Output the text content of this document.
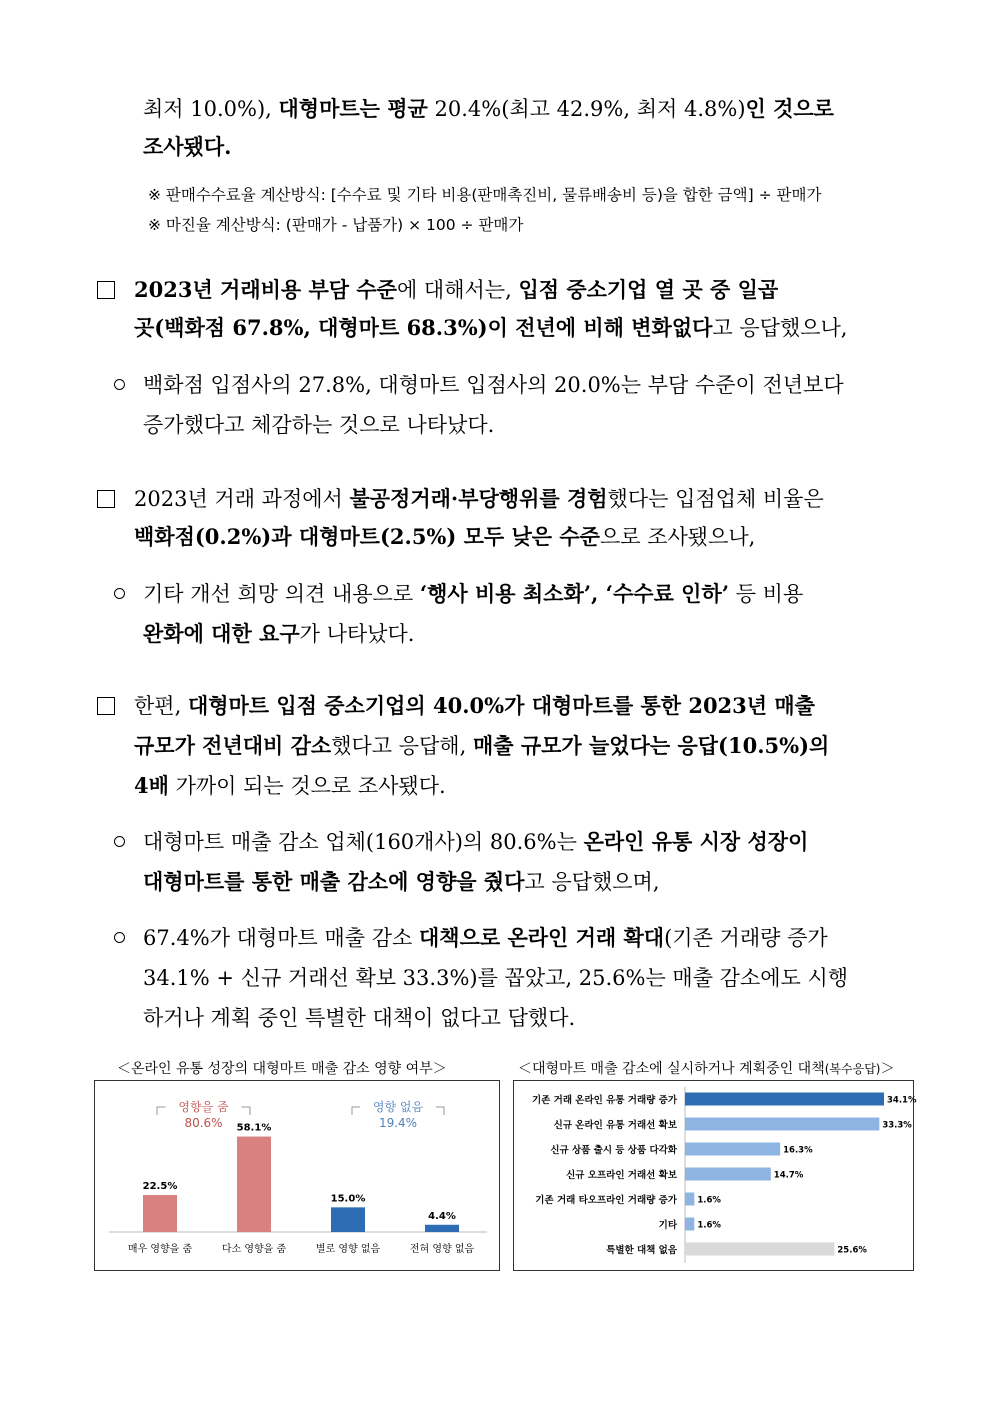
최저 10.0%), 대형마트는 평균 20.4%(최고 42.9%, 최저 4.8%)인 것으로
조사됐다.
※ 판매수수료율 계산방식: [수수료 및 기타 비용(판매촉진비, 물류배송비 등)을 합한 금액] ÷ 판매가
※ 마진율 계산방식: (판매가 - 납품가) × 100 ÷ 판매가
2023년 거래비용 부담 수준에 대해서는, 입점 중소기업 열 곳 중 일곱
곳(백화점 67.8%, 대형마트 68.3%)이 전년에 비해 변화없다고 응답했으나,
백화점 입점사의 27.8%, 대형마트 입점사의 20.0%는 부담 수준이 전년보다
증가했다고 체감하는 것으로 나타났다.
2023년 거래 과정에서 불공정거래·부당행위를 경험했다는 입점업체 비율은
백화점(0.2%)과 대형마트(2.5%) 모두 낮은 수준으로 조사됐으나,
기타 개선 희망 의견 내용으로 ‘행사 비용 최소화’, ‘수수료 인하’ 등 비용
완화에 대한 요구가 나타났다.
한편, 대형마트 입점 중소기업의 40.0%가 대형마트를 통한 2023년 매출
규모가 전년대비 감소했다고 응답해, 매출 규모가 늘었다는 응답(10.5%)의
4배 가까이 되는 것으로 조사됐다.
대형마트 매출 감소 업체(160개사)의 80.6%는 온라인 유통 시장 성장이
대형마트를 통한 매출 감소에 영향을 줬다고 응답했으며,
67.4%가 대형마트 매출 감소 대책으로 온라인 거래 확대(기존 거래량 증가
34.1% + 신규 거래선 확보 33.3%)를 꼽았고, 25.6%는 매출 감소에도 시행
하거나 계획 중인 특별한 대책이 없다고 답했다.
＜온라인 유통 성장의 대형마트 매출 감소 영향 여부＞
영향을 줌
80.6%
영향 없음
19.4%
22.5%
매우 영향을 줌
58.1%
다소 영향을 줌
15.0%
별로 영향 없음
4.4%
전혀 영향 없음
＜대형마트 매출 감소에 실시하거나 계획중인 대책(복수응답)＞
기존 거래 온라인 유통 거래량 증가	34.1%
신규 온라인 유통 거래선 확보	33.3%
신규 상품 출시 등 상품 다각화	16.3%
신규 오프라인 거래선 확보	14.7%
기존 거래 타오프라인 거래량 증가 1.6%
기타 1.6%
특별한 대책 없음	25.6%
